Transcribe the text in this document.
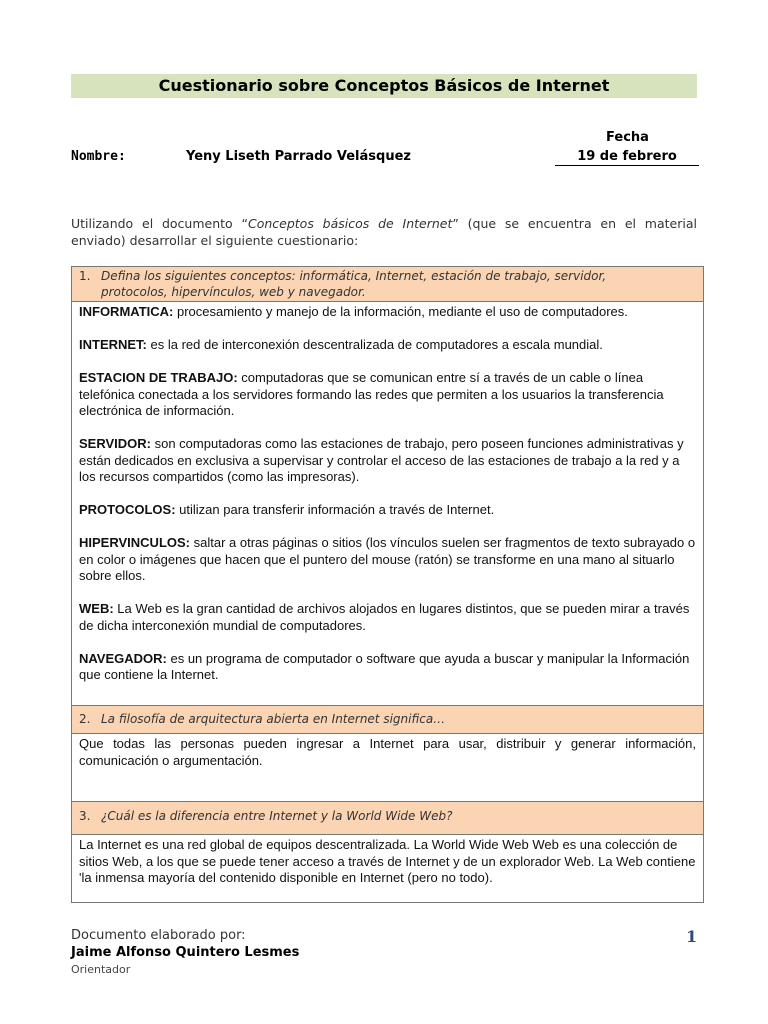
Cuestionario sobre Conceptos Básicos de Internet
Fecha
Nombre:	Yeny Liseth Parrado Velásquez	19 de febrero
Utilizando el documento “Conceptos básicos de Internet” (que se encuentra en el material enviado) desarrollar el siguiente cuestionario:
1. Defina los siguientes conceptos: informática, Internet, estación de trabajo, servidor,
protocolos, hipervínculos, web y navegador.

INFORMATICA: procesamiento y manejo de la información, mediante el uso de computadores.

INTERNET: es la red de interconexión descentralizada de computadores a escala mundial.

ESTACION DE TRABAJO: computadoras que se comunican entre sí a través de un cable o línea telefónica conectada a los servidores formando las redes que permiten a los usuarios la transferencia electrónica de información.

SERVIDOR: son computadoras como las estaciones de trabajo, pero poseen funciones administrativas y están dedicados en exclusiva a supervisar y controlar el acceso de las estaciones de trabajo a la red y a los recursos compartidos (como las impresoras).

PROTOCOLOS: utilizan para transferir información a través de Internet.

HIPERVINCULOS: saltar a otras páginas o sitios (los vínculos suelen ser fragmentos de texto subrayado o en color o imágenes que hacen que el puntero del mouse (ratón) se transforme en una mano al situarlo sobre ellos.

WEB: La Web es la gran cantidad de archivos alojados en lugares distintos, que se pueden mirar a través de dicha interconexión mundial de computadores.

NAVEGADOR: es un programa de computador o software que ayuda a buscar y manipular la Información que contiene la Internet.

2. La filosofía de arquitectura abierta en Internet significa…
Que todas las personas pueden ingresar a Internet para usar, distribuir y generar información, comunicación o argumentación.
3. ¿Cuál es la diferencia entre Internet y la World Wide Web?
La Internet es una red global de equipos descentralizada. La World Wide Web Web es una colección de sitios Web, a los que se puede tener acceso a través de Internet y de un explorador Web. La Web contiene 'la inmensa mayoría del contenido disponible en Internet (pero no todo).
Documento elaborado por:
Jaime Alfonso Quintero Lesmes
Orientador
1
